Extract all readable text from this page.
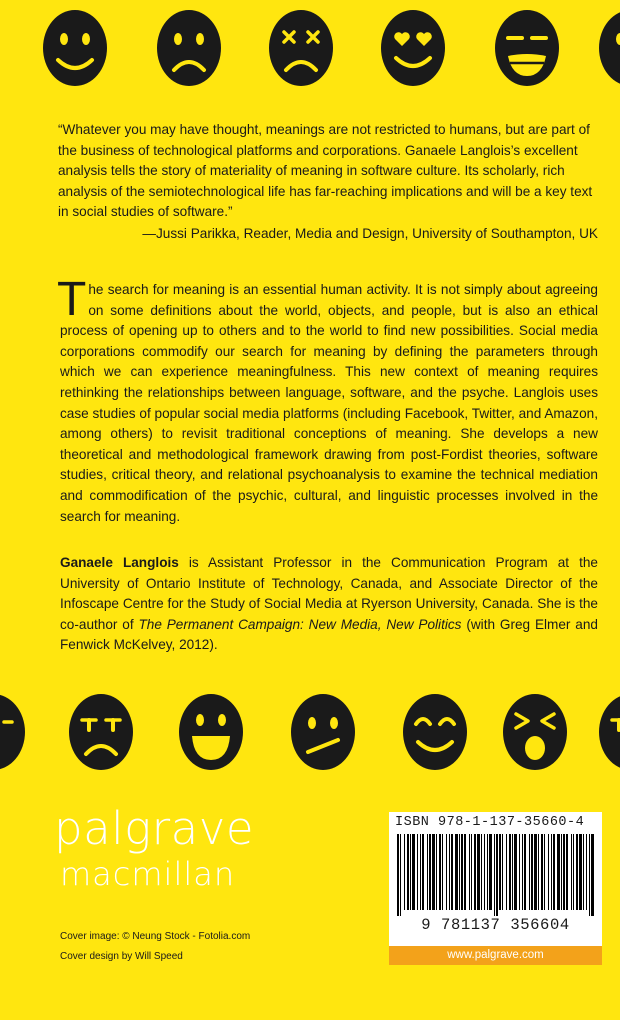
“Whatever you may have thought, meanings are not restricted to humans, but are part of the business of technological platforms and corporations. Ganaele Langlois’s excellent analysis tells the story of materiality of meaning in software culture. Its scholarly, rich analysis of the semiotechnological life has far-reaching implications and will be a key text in social studies of software.”
—Jussi Parikka, Reader, Media and Design, University of Southampton, UK
The search for meaning is an essential human activity. It is not simply about agreeing on some definitions about the world, objects, and people, but is also an ethical process of opening up to others and to the world to find new possibilities. Social media corporations commodify our search for meaning by defining the parameters through which we can experience meaningfulness. This new context of meaning requires rethinking the relationships between language, software, and the psyche. Langlois uses case studies of popular social media platforms (including Facebook, Twitter, and Amazon, among others) to revisit traditional conceptions of meaning. She develops a new theoretical and methodological framework drawing from post-Fordist theories, software studies, critical theory, and relational psychoanalysis to examine the technical mediation and commodification of the psychic, cultural, and linguistic processes involved in the search for meaning.
Ganaele Langlois is Assistant Professor in the Communication Program at the University of Ontario Institute of Technology, Canada, and Associate Director of the Infoscape Centre for the Study of Social Media at Ryerson University, Canada. She is the co-author of The Permanent Campaign: New Media, New Politics (with Greg Elmer and Fenwick McKelvey, 2012).
palgrave
macmillan
Cover image: © Neung Stock - Fotolia.com
Cover design by Will Speed
ISBN 978-1-137-35660-4
9 781137 356604
www.palgrave.com
